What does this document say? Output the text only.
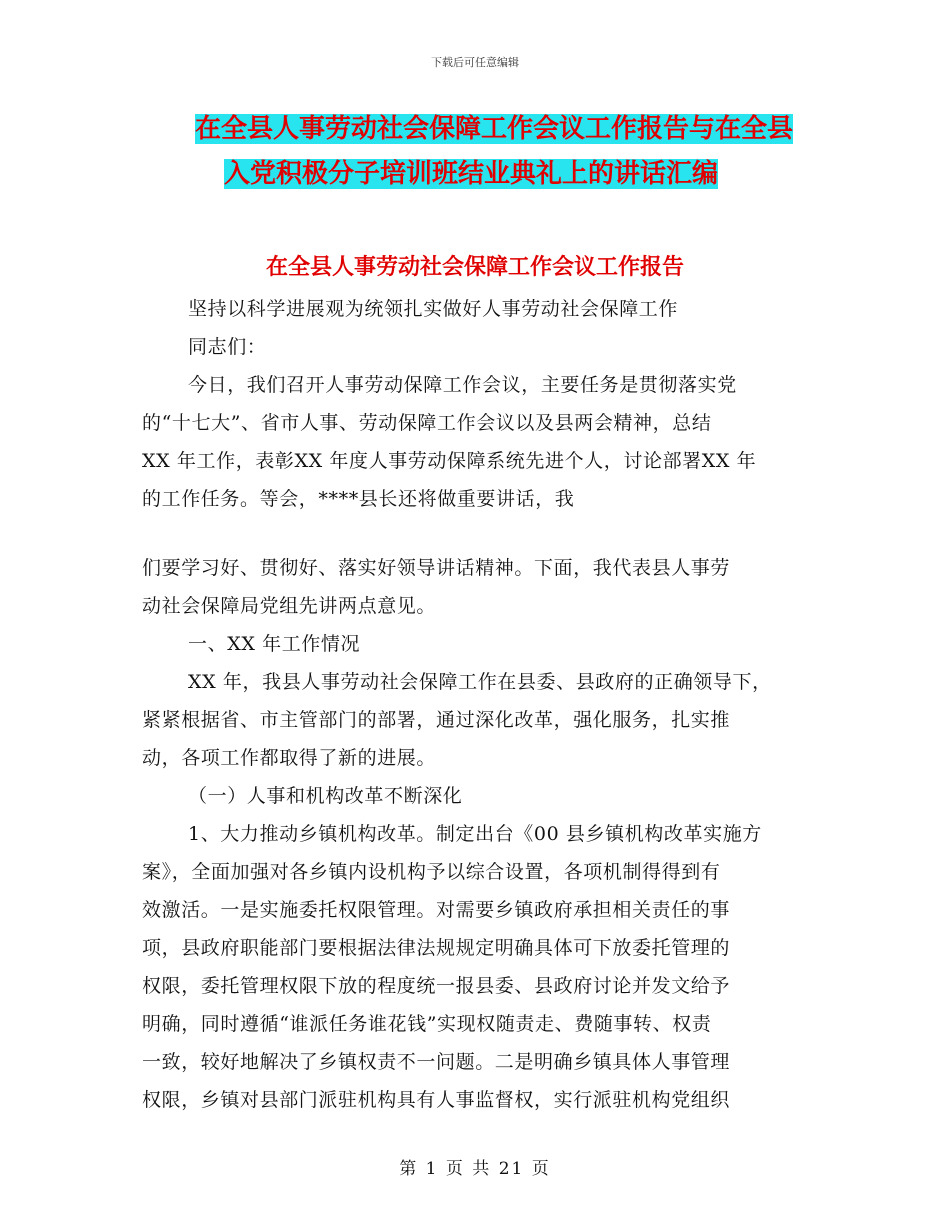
下载后可任意编辑
在全县人事劳动社会保障工作会议工作报告与在全县
入党积极分子培训班结业典礼上的讲话汇编
在全县人事劳动社会保障工作会议工作报告
坚持以科学进展观为统领扎实做好人事劳动社会保障工作
同志们：
今日，我们召开人事劳动保障工作会议，主要任务是贯彻落实党
的“十七大”、省市人事、劳动保障工作会议以及县两会精神，总结
XX 年工作，表彰XX 年度人事劳动保障系统先进个人，讨论部署XX 年
的工作任务。等会，****县长还将做重要讲话，我
们要学习好、贯彻好、落实好领导讲话精神。下面，我代表县人事劳
动社会保障局党组先讲两点意见。
一、XX 年工作情况
XX 年，我县人事劳动社会保障工作在县委、县政府的正确领导下，
紧紧根据省、市主管部门的部署，通过深化改革，强化服务，扎实推
动，各项工作都取得了新的进展。
（一）人事和机构改革不断深化
1、大力推动乡镇机构改革。制定出台《00 县乡镇机构改革实施方
案》，全面加强对各乡镇内设机构予以综合设置，各项机制得得到有
效激活。一是实施委托权限管理。对需要乡镇政府承担相关责任的事
项，县政府职能部门要根据法律法规规定明确具体可下放委托管理的
权限，委托管理权限下放的程度统一报县委、县政府讨论并发文给予
明确，同时遵循“谁派任务谁花钱”实现权随责走、费随事转、权责
一致，较好地解决了乡镇权责不一问题。二是明确乡镇具体人事管理
权限，乡镇对县部门派驻机构具有人事监督权，实行派驻机构党组织
第 1 页 共 21 页
